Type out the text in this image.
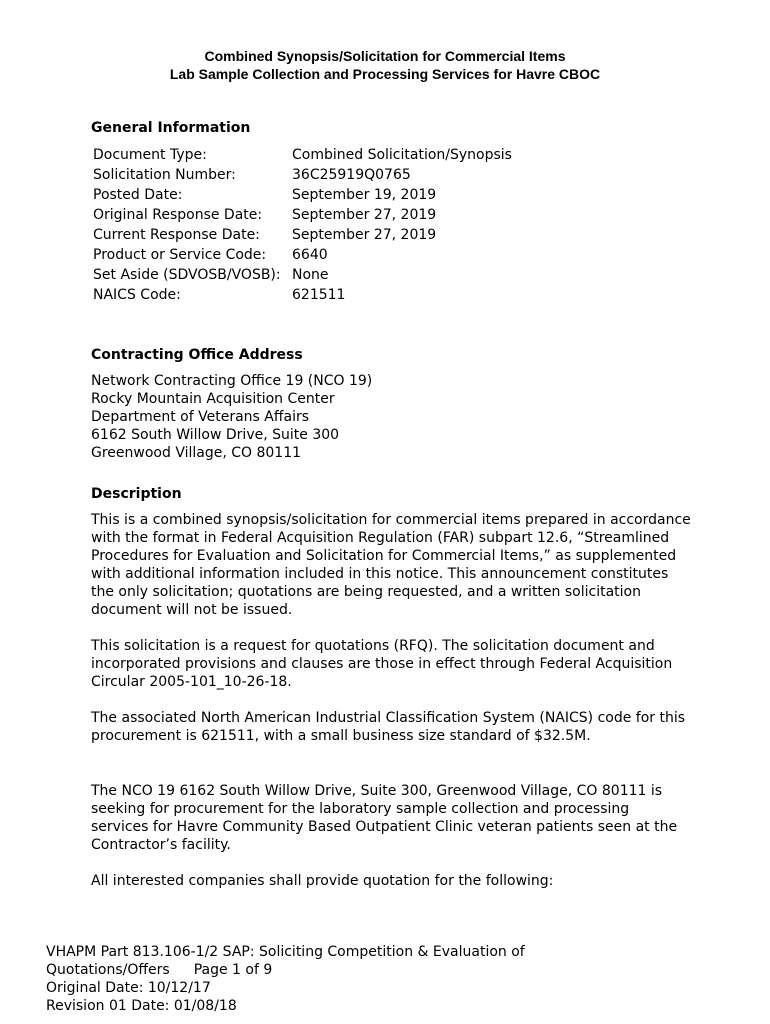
Combined Synopsis/Solicitation for Commercial Items
Lab Sample Collection and Processing Services for Havre CBOC
General Information
Document Type:	Combined Solicitation/Synopsis
Solicitation Number:	36C25919Q0765
Posted Date:	September 19, 2019
Original Response Date:	September 27, 2019
Current Response Date:	September 27, 2019
Product or Service Code:	6640
Set Aside (SDVOSB/VOSB):	None
NAICS Code:	621511
Contracting Office Address
Network Contracting Office 19 (NCO 19)
Rocky Mountain Acquisition Center
Department of Veterans Affairs
6162 South Willow Drive, Suite 300
Greenwood Village, CO 80111
Description

This is a combined synopsis/solicitation for commercial items prepared in accordance with the format in Federal Acquisition Regulation (FAR) subpart 12.6, “Streamlined Procedures for Evaluation and Solicitation for Commercial Items,” as supplemented with additional information included in this notice. This announcement constitutes the only solicitation; quotations are being requested, and a written solicitation document will not be issued.

This solicitation is a request for quotations (RFQ). The solicitation document and incorporated provisions and clauses are those in effect through Federal Acquisition Circular 2005-101_10-26-18.

The associated North American Industrial Classification System (NAICS) code for this procurement is 621511, with a small business size standard of $32.5M.

The NCO 19 6162 South Willow Drive, Suite 300, Greenwood Village, CO 80111 is seeking for procurement for the laboratory sample collection and processing services for Havre Community Based Outpatient Clinic veteran patients seen at the Contractor’s facility.

All interested companies shall provide quotation for the following:

VHAPM Part 813.106-1/2 SAP: Soliciting Competition & Evaluation of
Quotations/Offers Page 1 of 9
Original Date: 10/12/17
Revision 01 Date: 01/08/18
